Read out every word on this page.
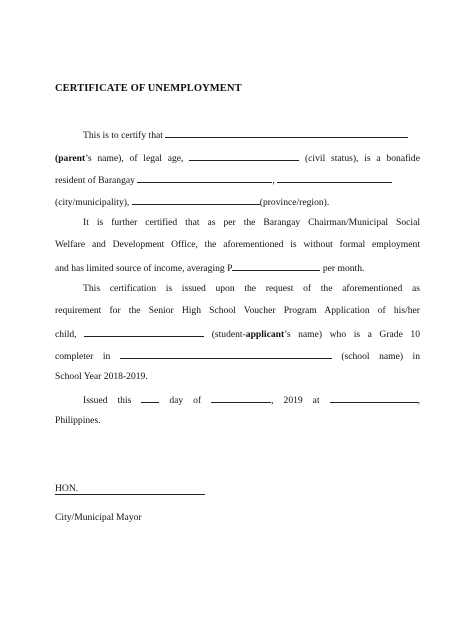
CERTIFICATE OF UNEMPLOYMENT
This is to certify that
(parent’s name), of legal age,	(civil status), is a bonafide
resident of Barangay	,
(city/municipality),	(province/region).
It is further certified that as per the Barangay Chairman/Municipal Social
Welfare and Development Office, the aforementioned is without formal employment
and has limited source of income, averaging P	per month.
This certification is issued upon the request of the aforementioned as
requirement for the Senior High School Voucher Program Application of his/her
child,	(student-applicant’s name) who is a Grade 10
completer in	(school name) in
School Year 2018-2019.
Issued this	day of	, 2019 at	,
Philippines.
HON.
City/Municipal Mayor
